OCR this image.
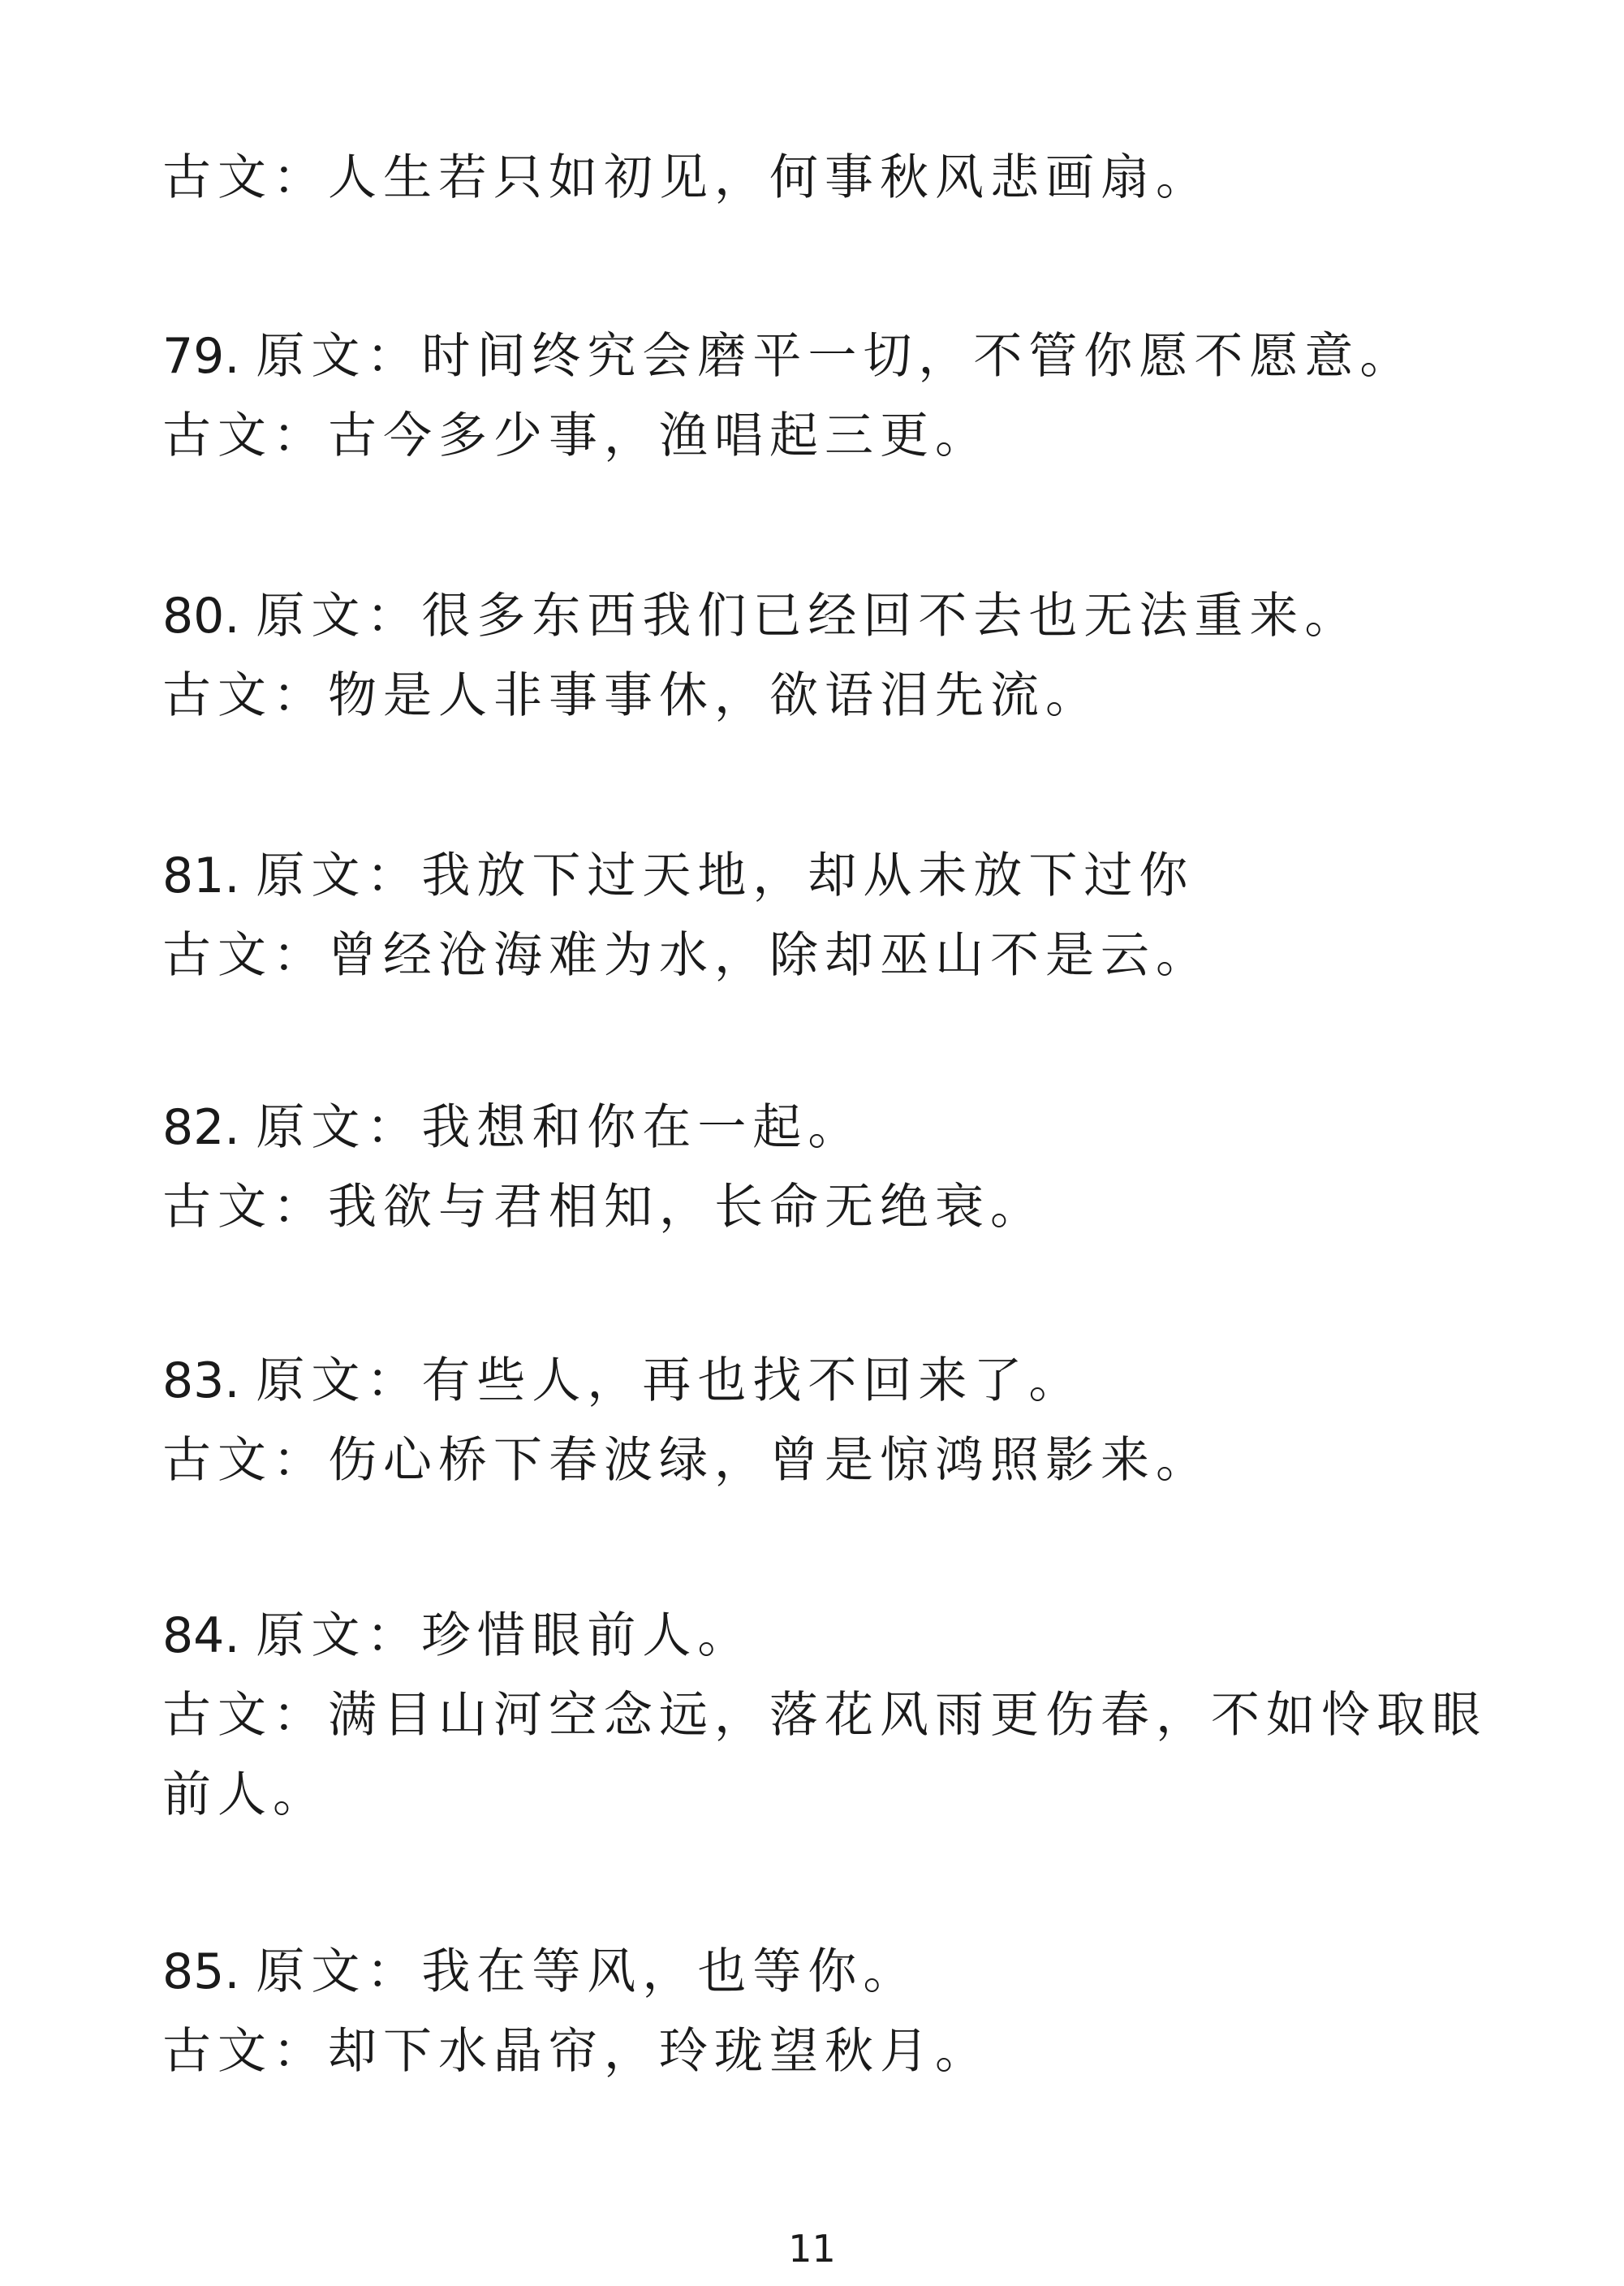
古文：人生若只如初见，何事秋风悲画扇。
79. 原文：时间终究会磨平一切，不管你愿不愿意。
古文：古今多少事，渔唱起三更。
80. 原文：很多东西我们已经回不去也无法重来。
古文：物是人非事事休，欲语泪先流。
81. 原文：我放下过天地，却从未放下过你
古文：曾经沧海难为水，除却巫山不是云。
82. 原文：我想和你在一起。
古文：我欲与君相知，长命无绝衰。
83. 原文：有些人，再也找不回来了。
古文：伤心桥下春波绿，曾是惊鸿照影来。
84. 原文：珍惜眼前人。
古文：满目山河空念远，落花风雨更伤春，不如怜取眼前人。
85. 原文：我在等风，也等你。
古文：却下水晶帘，玲珑望秋月。
11
